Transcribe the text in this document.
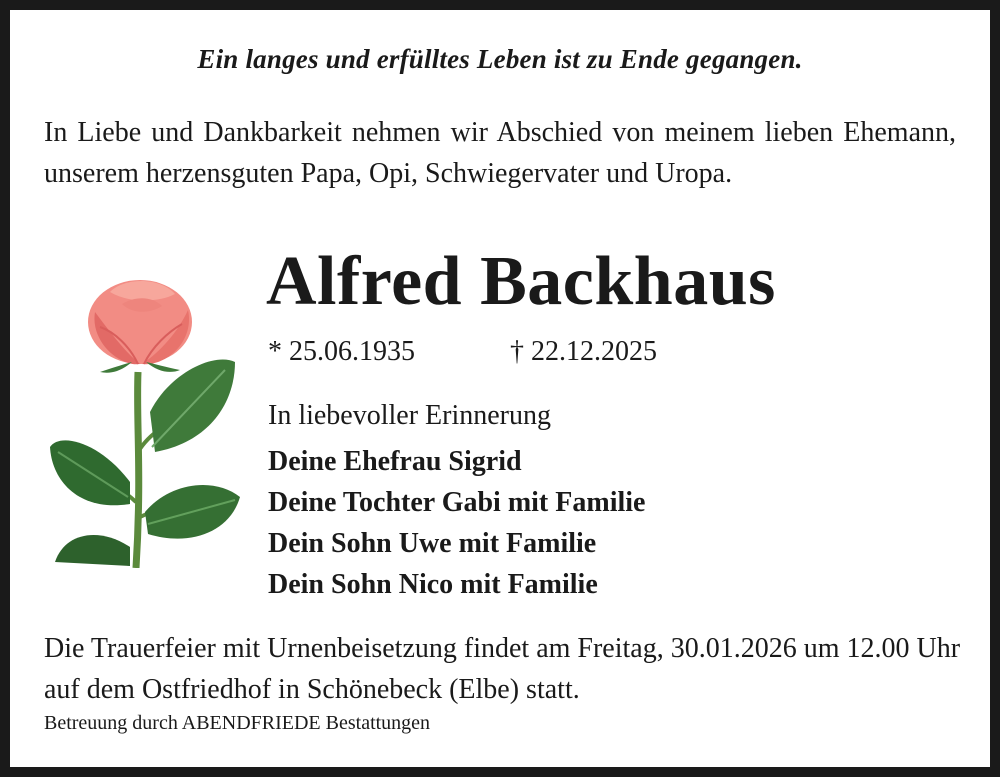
Ein langes und erfülltes Leben ist zu Ende gegangen.
In Liebe und Dankbarkeit nehmen wir Abschied von meinem lieben Ehemann, unserem herzensguten Papa, Opi, Schwiegervater und Uropa.
Alfred Backhaus
* 25.06.1935	† 22.12.2025
In liebevoller Erinnerung
Deine Ehefrau Sigrid
Deine Tochter Gabi mit Familie
Dein Sohn Uwe mit Familie
Dein Sohn Nico mit Familie
Die Trauerfeier mit Urnenbeisetzung findet am Freitag, 30.01.2026 um 12.00 Uhr auf dem Ostfriedhof in Schönebeck (Elbe) statt.
Betreuung durch ABENDFRIEDE Bestattungen
